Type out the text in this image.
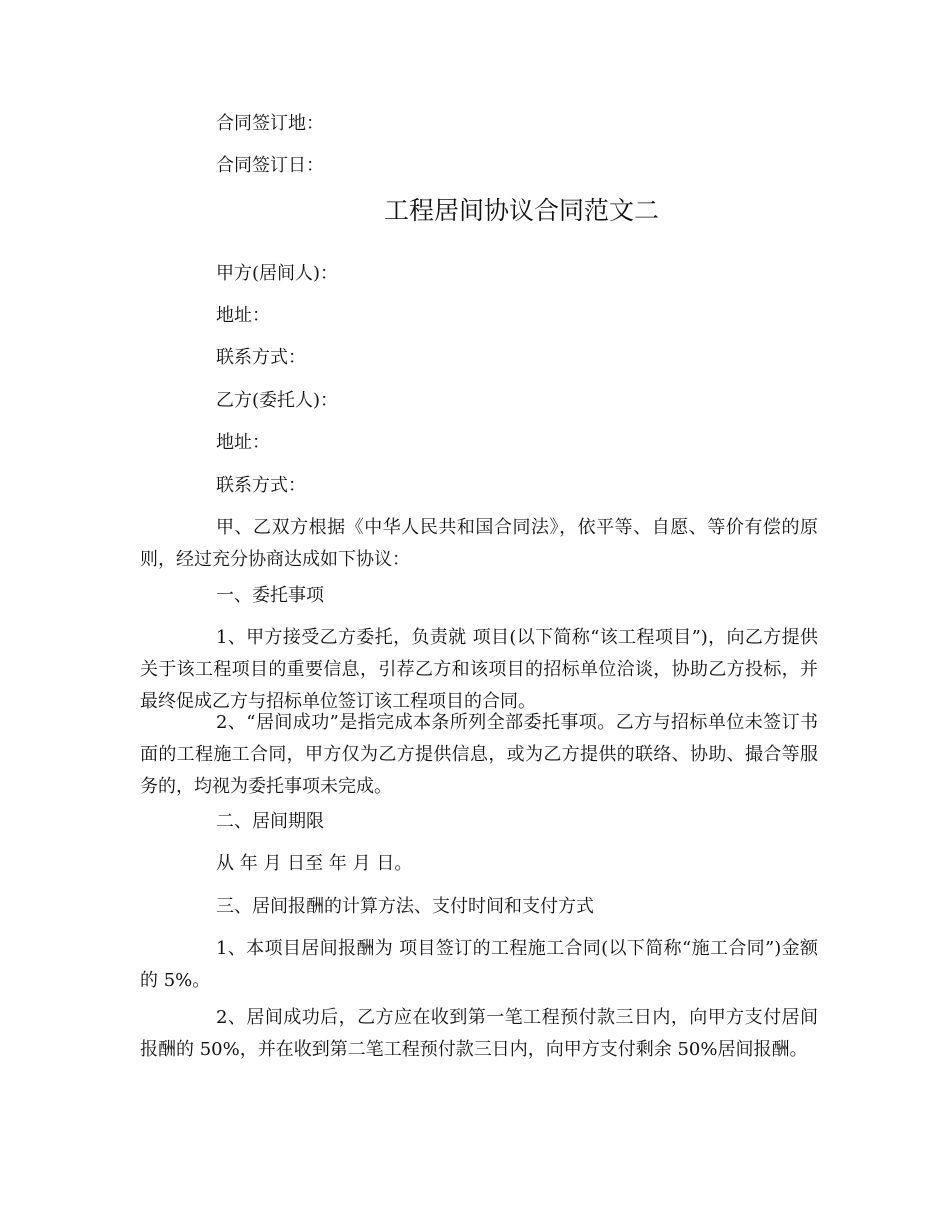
合同签订地：
合同签订日：
工程居间协议合同范文二
甲方(居间人)：
地址：
联系方式：
乙方(委托人)：
地址：
联系方式：
甲、乙双方根据《中华人民共和国合同法》，依平等、自愿、等价有偿的原则，经过充分协商达成如下协议：
一、委托事项
1、甲方接受乙方委托，负责就 项目(以下简称“该工程项目”)，向乙方提供关于该工程项目的重要信息，引荐乙方和该项目的招标单位洽谈，协助乙方投标，并最终促成乙方与招标单位签订该工程项目的合同。
2、“居间成功”是指完成本条所列全部委托事项。乙方与招标单位未签订书面的工程施工合同，甲方仅为乙方提供信息，或为乙方提供的联络、协助、撮合等服务的，均视为委托事项未完成。
二、居间期限
从 年 月 日至 年 月 日。
三、居间报酬的计算方法、支付时间和支付方式
1、本项目居间报酬为 项目签订的工程施工合同(以下简称“施工合同”)金额的 5%。
2、居间成功后，乙方应在收到第一笔工程预付款三日内，向甲方支付居间报酬的 50%，并在收到第二笔工程预付款三日内，向甲方支付剩余 50%居间报酬。
